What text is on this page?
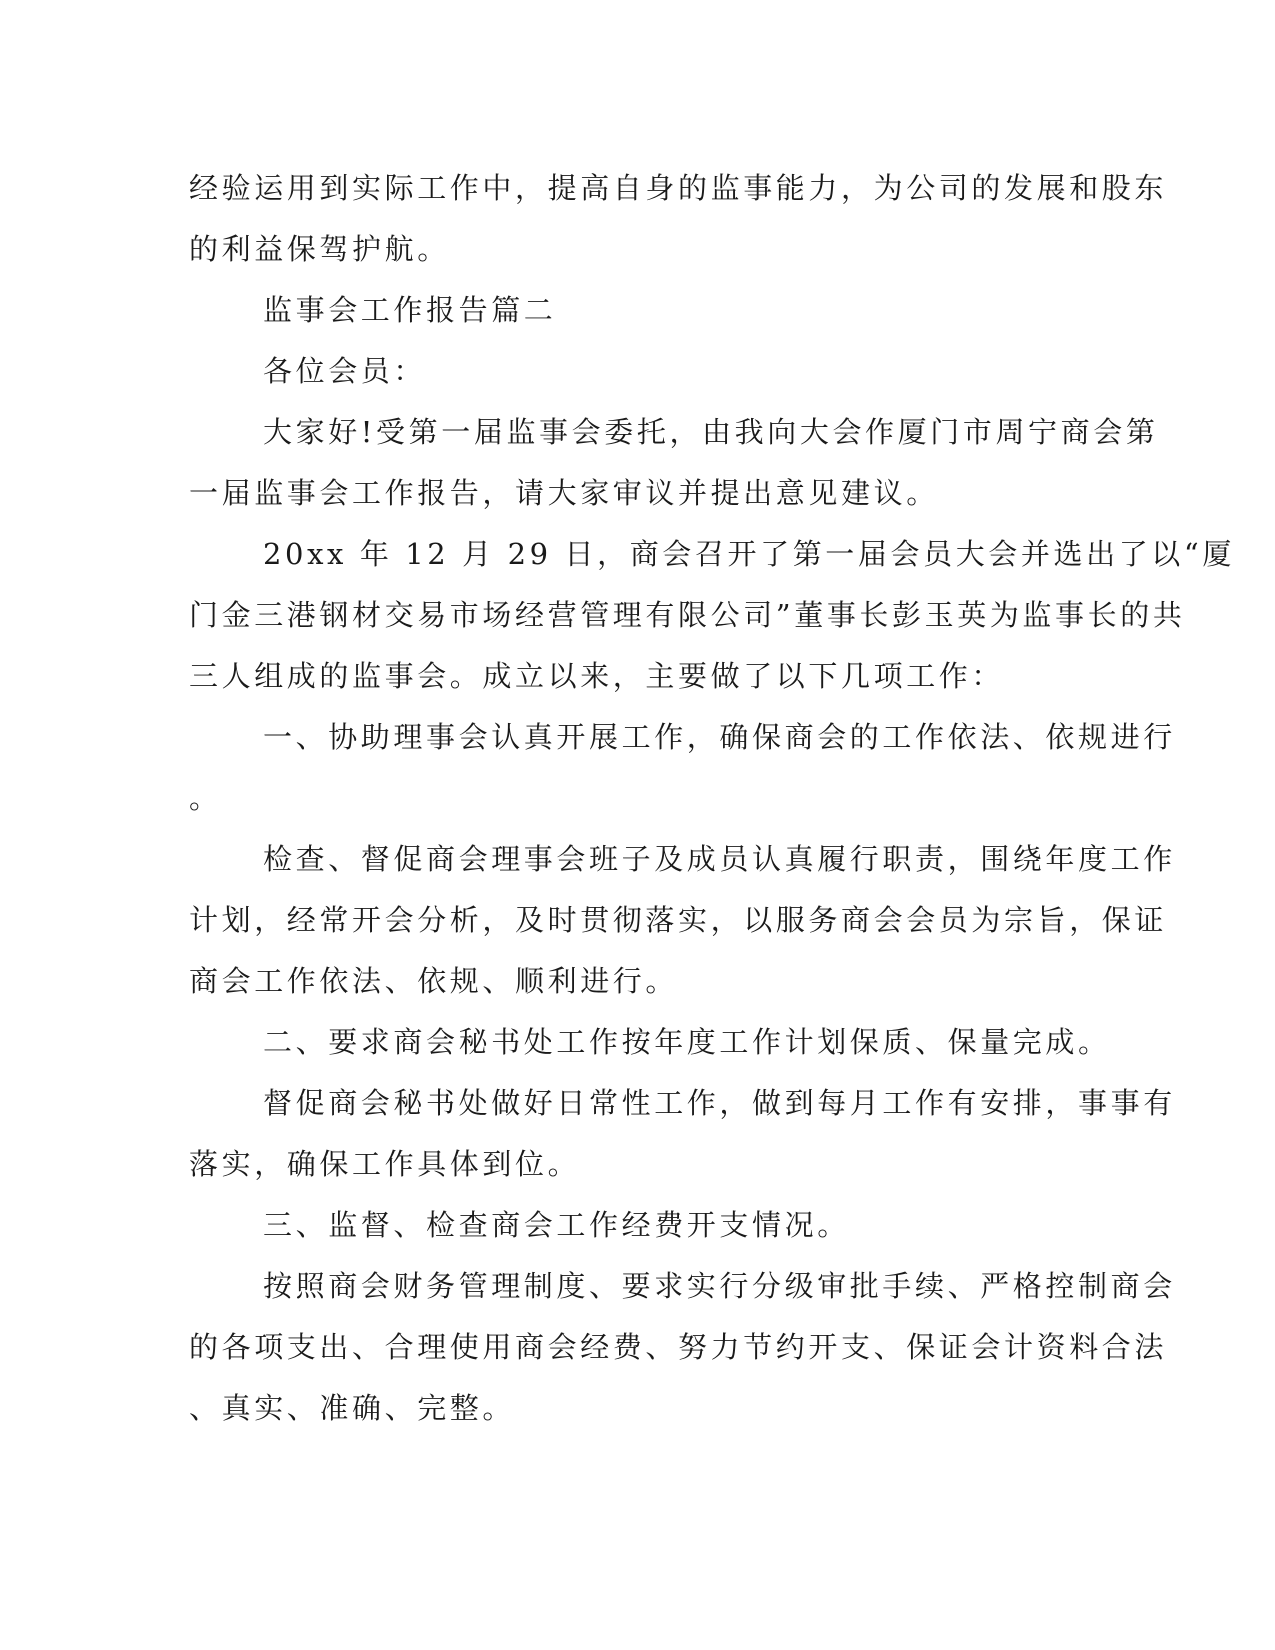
经验运用到实际工作中，提高自身的监事能力，为公司的发展和股东
的利益保驾护航。
监事会工作报告篇二
各位会员：
大家好!受第一届监事会委托，由我向大会作厦门市周宁商会第
一届监事会工作报告，请大家审议并提出意见建议。
20xx 年 12 月 29 日，商会召开了第一届会员大会并选出了以“厦
门金三港钢材交易市场经营管理有限公司”董事长彭玉英为监事长的共
三人组成的监事会。成立以来，主要做了以下几项工作：
一、协助理事会认真开展工作，确保商会的工作依法、依规进行
。
检查、督促商会理事会班子及成员认真履行职责，围绕年度工作
计划，经常开会分析，及时贯彻落实，以服务商会会员为宗旨，保证
商会工作依法、依规、顺利进行。
二、要求商会秘书处工作按年度工作计划保质、保量完成。
督促商会秘书处做好日常性工作，做到每月工作有安排，事事有
落实，确保工作具体到位。
三、监督、检查商会工作经费开支情况。
按照商会财务管理制度、要求实行分级审批手续、严格控制商会
的各项支出、合理使用商会经费、努力节约开支、保证会计资料合法
、真实、准确、完整。
